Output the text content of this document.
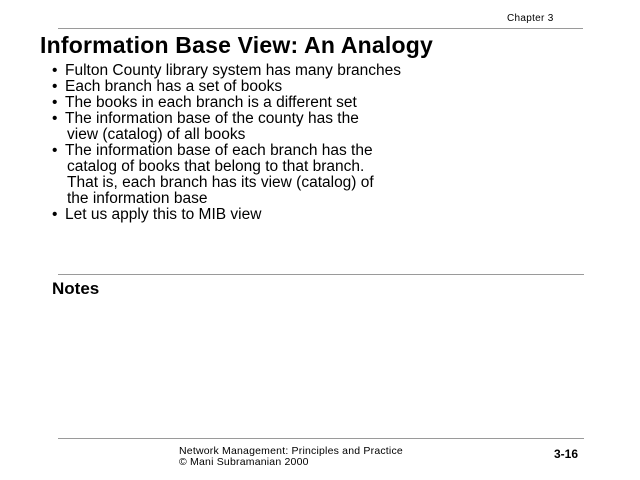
Chapter 3
Information Base View: An Analogy
• Fulton County library system has many branches
• Each branch has a set of books
• The books in each branch is a different set
• The information base of the county has the
view (catalog) of all books
• The information base of each branch has the
catalog of books that belong to that branch.
That is, each branch has its view (catalog) of
the information base
• Let us apply this to MIB view
Notes
Network Management: Principles and Practice
© Mani Subramanian 2000
3-16
